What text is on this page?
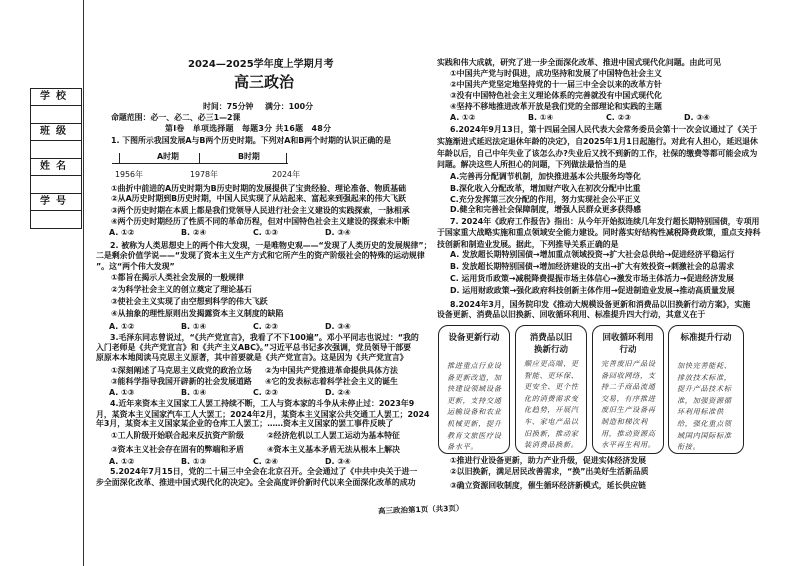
学校
班级
姓名
学号
2024—2025学年度上学期月考
高三政治
时间：75分钟 满分：100分
命题范围：必一、必二、必三1—2课
第Ⅰ卷　单项选择题　每题3分 共16题　48分
1. 下图所示我国发展A与B两个历史时期。下列对A和B两个时期的认识正确的是
A时期	B时期
1956年	1978年	2024年
①曲折中前进的A历史时期为B历史时期的发展提供了宝贵经验、理论准备、物质基础
②从A历史时期到B历史时期，中国人民实现了从站起来、富起来到强起来的伟大飞跃
③两个历史时期在本质上都是我们党领导人民进行社会主义建设的实践探索，一脉相承
④两个历史时期经历了性质不同的革命历程，但对中国特色社会主义建设的探索未中断
A. ①②	B. ②④	C. ①③	D. ③④
2. 被称为人类思想史上的两个伟大发现，一是唯物史观——“发现了人类历史的发展规律”；
二是剩余价值学说——“发现了资本主义生产方式和它所产生的资产阶级社会的特殊的运动规律
”。这“两个伟大发现”
①都旨在揭示人类社会发展的一般规律
②为科学社会主义的创立奠定了理论基石
③使社会主义实现了由空想到科学的伟大飞跃
④从抽象的理性原则出发揭露资本主义制度的缺陷
A. ①②	B. ①④	C. ②③	D. ③④
3.毛泽东同志曾说过，“《共产党宣言》，我看了不下100遍”。邓小平同志也说过：“我的
入门老师是《共产党宣言》和《共产主义ABC》。”习近平总书记多次强调，党员领导干部要
原原本本地阅读马克思主义原著，其中首要就是《共产党宣言》。这是因为《共产党宣言》
①深刻阐述了马克思主义政党的政治立场 ②为中国共产党推进革命提供具体方法
③能科学指导我国开辟新的社会发展道路 ④它的发表标志着科学社会主义的诞生
A. ①③	B. ①④	C. ②③	D. ②④
4.近年来资本主义国家工人罢工持续不断，工人与资本家的斗争从未停止过：2023年9
月，某资本主义国家汽车工人大罢工；2024年2月，某资本主义国家公共交通工人罢工；2024
年3月，某资本主义国家某企业的仓库工人罢工；……资本主义国家的罢工事件反映了
①工人阶级开始联合起来反抗资产阶级	②经济危机以工人罢工运动为基本特征
③资本主义社会存在固有的弊端和矛盾	④资本主义基本矛盾无法从根本上解决
A. ①②	B. ①③	C. ②④	D. ③④
5.2024年7月15日，党的二十届三中全会在北京召开。全会通过了《中共中央关于进一
步全面深化改革、推进中国式现代化的决定》。全会高度评价新时代以来全面深化改革的成功
高三政治第1页（共3页）
实践和伟大成就，研究了进一步全面深化改革、推进中国式现代化问题。由此可见
①中国共产党与时俱进，成功坚持和发展了中国特色社会主义
②中国共产党坚定地坚持党的十一届三中全会以来的改革方针
③没有中国特色社会主义理论体系的完善就没有中国式现代化
④坚持不移地推进改革开放是我们党的全部理论和实践的主题
A. ①②	B. ①④	C. ②③	D. ③④
6.2024年9月13日，第十四届全国人民代表大会常务委员会第十一次会议通过了《关于
实施渐进式延迟法定退休年龄的决定》，自2025年1月1日起施行。对此有人担心，延迟退休
年龄以后，自己中年失业了该怎么办?失业后又找不到新的工作，社保的缴费等都可能会成为
问题。解决这些人所担心的问题，下列做法最恰当的是
A.完善再分配调节机制，加快推进基本公共服务均等化
B.深化收入分配改革，增加财产收入在初次分配中比重
C.充分发挥第三次分配的作用，努力实现社会公平正义
D.健全和完善社会保障制度，增强人民群众更多获得感
7. 2024年《政府工作报告》指出：从今年开始拟连续几年发行超长期特别国债，专项用
于国家重大战略实施和重点领域安全能力建设。同时落实好结构性减税降费政策，重点支持科
技创新和制造业发展。据此，下列推导关系正确的是
A. 发放超长期特别国债→增加重点领域投资→扩大社会总供给→促进经济平稳运行
B. 发放超长期特别国债→增加经济建设的支出→扩大有效投资→刺激社会的总需求
C. 运用货币政策→减税降费提振市场主体信心→激发市场主体活力→促进经济发展
D. 运用财政政策→强化政府科技创新主体作用→促进制造业发展→推动高质量发展
8.2024年3月，国务院印发《推动大规模设备更新和消费品以旧换新行动方案》，实施
设备更新、消费品以旧换新、回收循环利用、标准提升四大行动，其意义在于
设备更新行动
推进重点行业设
备更新改造，加
快建设领域设备
更新，支持交通
运输设备和农业
机械更新，提升
教育文旅医疗设备水平。
消费品以旧
换新行动
顺应更高端、更
智能、更环保、
更安全、更个性
化的消费需求变
化趋势，开展汽
车、家电产品以
旧换新，推动家装消费品换新。
回收循环利用
行动
完善废旧产品设
备回收网络，支
持二手商品流通
交易，有序推进
废旧生产设备再
制造和梯次利
用，推动资源高水平再生利用。
标准提升行动
加快完善能耗、
排放技术标准，
提升产品技术标
准，加强资源循
环利用标准供
给，强化重点领
域国内国际标准衔接。
①推进行业设备更新，助力产业升级，促进实体经济发展
②以旧换新，满足居民改善需求，“换”出美好生活新品质
③确立资源回收制度，催生循环经济新模式，延长供应链
